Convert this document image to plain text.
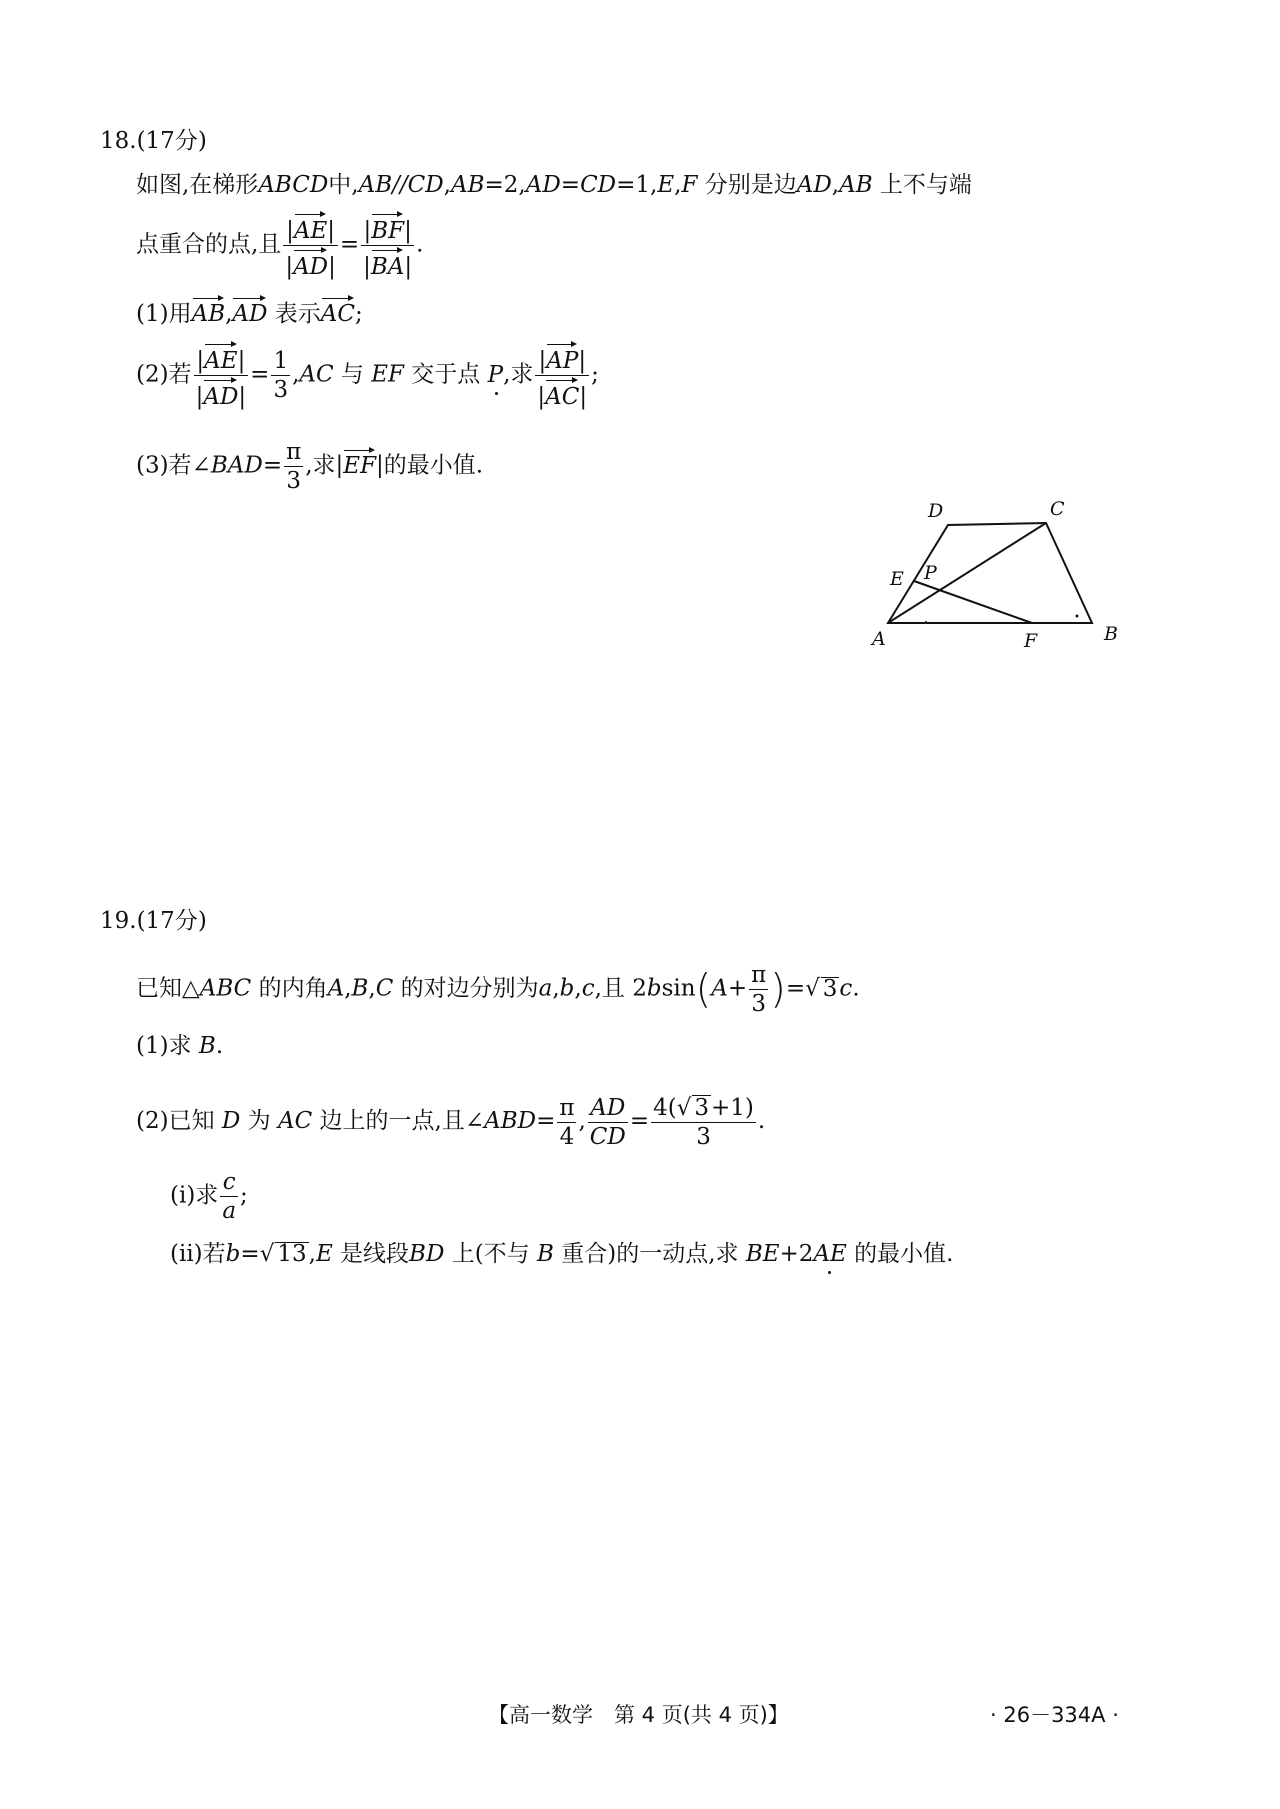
18.(17分)
如图,在梯形ABCD中,AB//CD,AB=2,AD=CD=1,E,F 分别是边AD,AB 上不与端
点重合的点,且 $\frac{|AE|}{|AD|} = \frac{|BF|}{|BA|}$ .
(1)用AB,AD 表示AC;
(2)若 $\frac{|AE|}{|AD|} = \frac{1}{3} ,AC$ 与 EF 交于点 P,求 $\frac{|AP|}{|AC|}$ ;
(3)若∠BAD= $\frac{\pi}{3}$ ,求|EF|的最小值.
A	B
C
D
E
F
P
19.(17分)
已知△ABC 的内角A,B,C 的对边分别为a,b,c,且 $2bsin(A+ \frac{\pi}{3}$ )=√ 3c.
(1)求 B.
(2)已知 D 为 AC 边上的一点,且∠ABD= $\frac{\pi}{4}$ , $\frac{AD}{CD} = \frac{4(√ 3+1)}{3}$ .
(ⅰ)求 $\frac{c}{a}$ ;
(ⅱ)若b=√ 13,E 是线段BD 上(不与 B 重合)的一动点,求 BE+2AE 的最小值.
【高一数学　第 4 页(共 4 页)】	· 26－334A ·
